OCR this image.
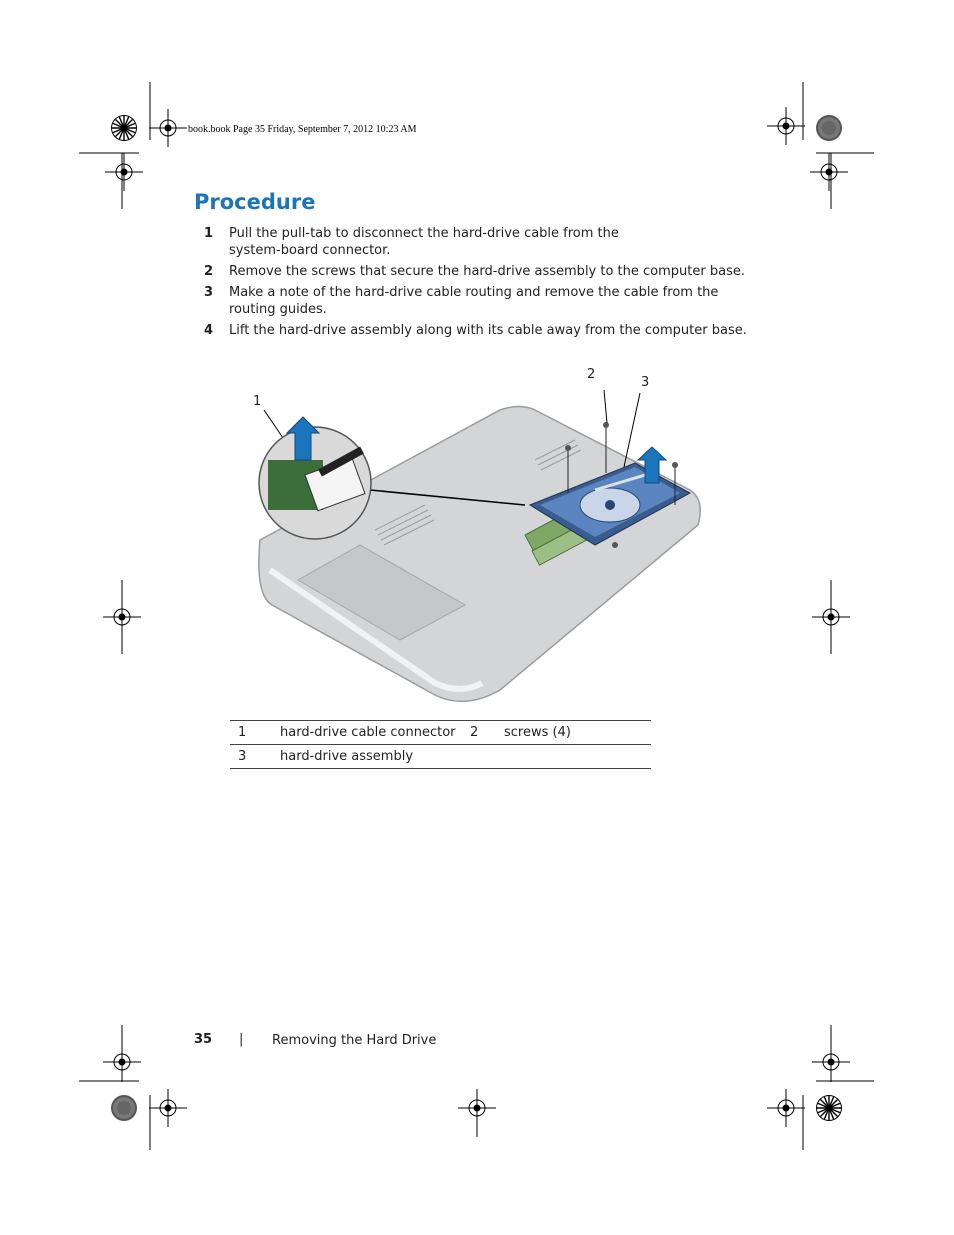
book.book Page 35 Friday, September 7, 2012 10:23 AM
Procedure
1 Pull the pull-tab to disconnect the hard-drive cable from the system-board connector.
2 Remove the screws that secure the hard-drive assembly to the computer base.
3 Make a note of the hard-drive cable routing and remove the cable from the routing guides.
4 Lift the hard-drive assembly along with its cable away from the computer base.
1
2
3
1	hard-drive cable connector	2	screws (4)
3	hard-drive assembly		
35 | Removing the Hard Drive
